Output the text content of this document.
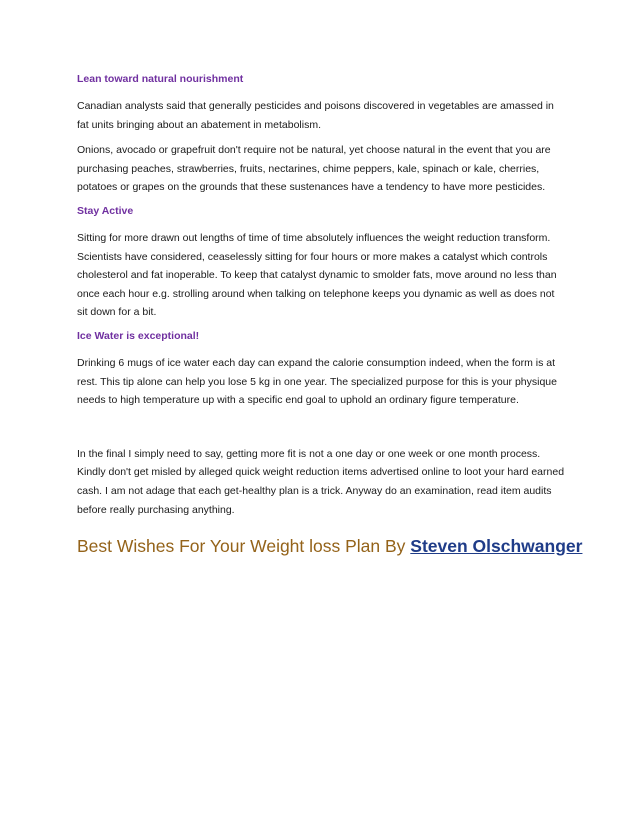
Lean toward natural nourishment

Canadian analysts said that generally pesticides and poisons discovered in vegetables are amassed in fat units bringing about an abatement in metabolism.

Onions, avocado or grapefruit don't require not be natural, yet choose natural in the event that you are purchasing peaches, strawberries, fruits, nectarines, chime peppers, kale, spinach or kale, cherries, potatoes or grapes on the grounds that these sustenances have a tendency to have more pesticides.

Stay Active

Sitting for more drawn out lengths of time of time absolutely influences the weight reduction transform. Scientists have considered, ceaselessly sitting for four hours or more makes a catalyst which controls cholesterol and fat inoperable. To keep that catalyst dynamic to smolder fats, move around no less than once each hour e.g. strolling around when talking on telephone keeps you dynamic as well as does not sit down for a bit.

Ice Water is exceptional!

Drinking 6 mugs of ice water each day can expand the calorie consumption indeed, when the form is at rest. This tip alone can help you lose 5 kg in one year. The specialized purpose for this is your physique needs to high temperature up with a specific end goal to uphold an ordinary figure temperature.

In the final I simply need to say, getting more fit is not a one day or one week or one month process. Kindly don't get misled by alleged quick weight reduction items advertised online to loot your hard earned cash. I am not adage that each get-healthy plan is a trick. Anyway do an examination, read item audits before really purchasing anything.

Best Wishes For Your Weight loss Plan By Steven Olschwanger
